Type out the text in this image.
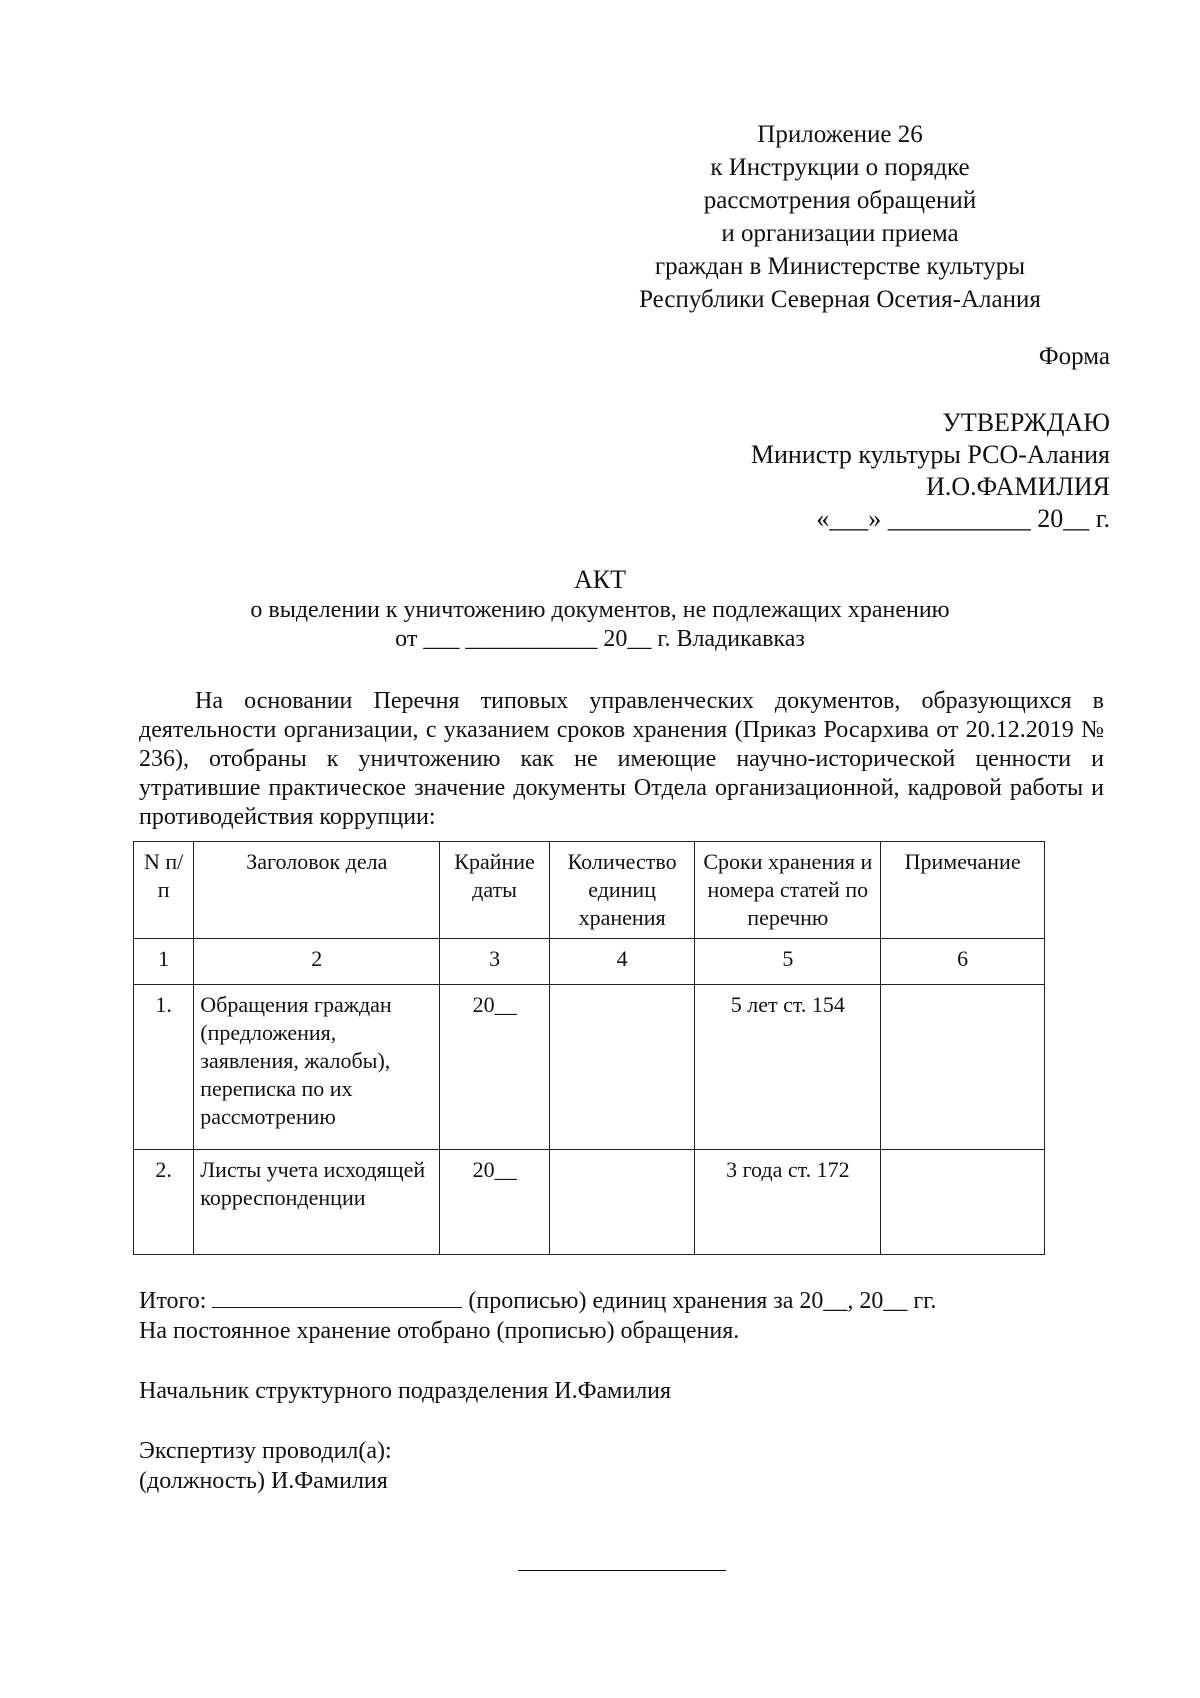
Приложение 26
к Инструкции о порядке
рассмотрения обращений
и организации приема
граждан в Министерстве культуры
Республики Северная Осетия-Алания
Форма
УТВЕРЖДАЮ
Министр культуры РСО-Алания
И.О.ФАМИЛИЯ
«___» ___________ 20__ г.
АКТ
о выделении к уничтожению документов, не подлежащих хранению
от ___ ___________ 20__ г. Владикавказ
На основании Перечня типовых управленческих документов, образующихся в деятельности организации, с указанием сроков хранения (Приказ Росархива от 20.12.2019 № 236), отобраны к уничтожению как не имеющие научно-исторической ценности и утратившие практическое значение документы Отдела организационной, кадровой работы и противодействия коррупции:
N п/п	Заголовок дела	Крайние даты	Количество единиц хранения	Сроки хранения и номера статей по перечню	Примечание
1	2	3	4	5	6
1.	Обращения граждан (предложения, заявления, жалобы), переписка по их рассмотрению	20__		5 лет ст. 154	
2.	Листы учета исходящей корреспонденции	20__		3 года ст. 172	
Итого:	(прописью) единиц хранения за 20__, 20__ гг.
На постоянное хранение отобрано (прописью) обращения.
Начальник структурного подразделения И.Фамилия
Экспертизу проводил(а):
(должность) И.Фамилия
